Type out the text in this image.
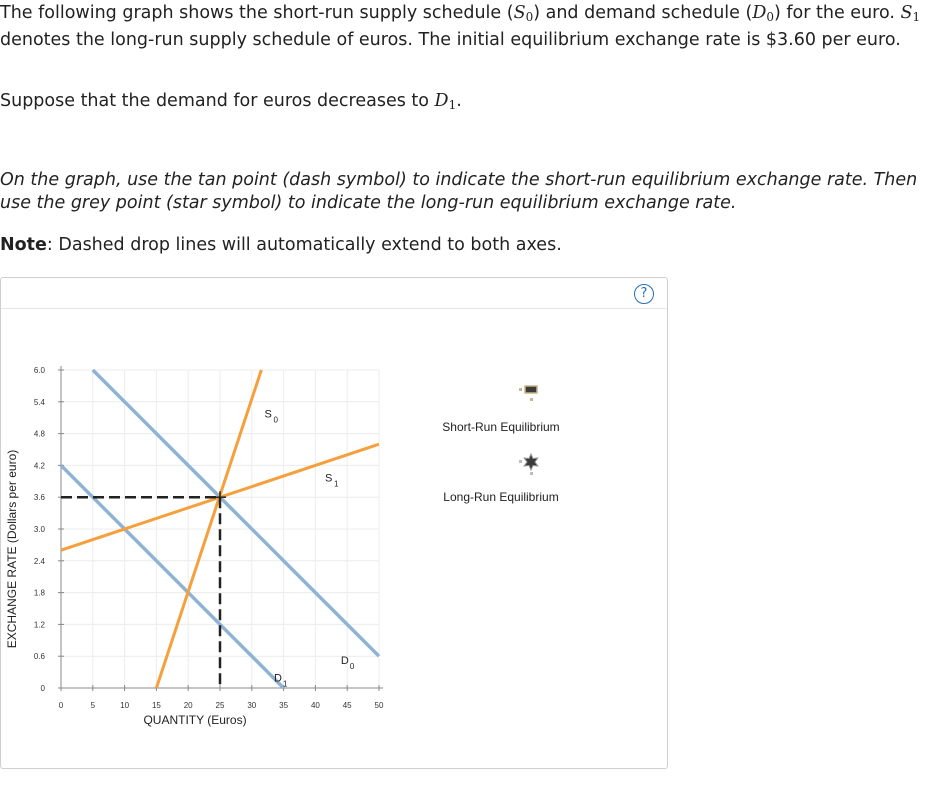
The following graph shows the short-run supply schedule $(S_0)$ and demand schedule $(D_0)$ for the euro. $S_1$ denotes the long-run supply schedule of euros. The initial equilibrium exchange rate is $3.60 per euro.

Suppose that the demand for euros decreases to $D_1$.

On the graph, use the tan point (dash symbol) to indicate the short-run equilibrium exchange rate. Then use the grey point (star symbol) to indicate the long-run equilibrium exchange rate.

Note: Dashed drop lines will automatically extend to both axes.

?
0	5	10	15	20	25	30	35	40	45	50
0
0.6
1.2
1.8
2.4
3.0
3.6
4.2
4.8
5.4
6.0
QUANTITY (Euros)
EXCHANGE RATE (Dollars per euro)
S 0
S 1
D 0
D 1
Short-Run Equilibrium
Long-Run Equilibrium
